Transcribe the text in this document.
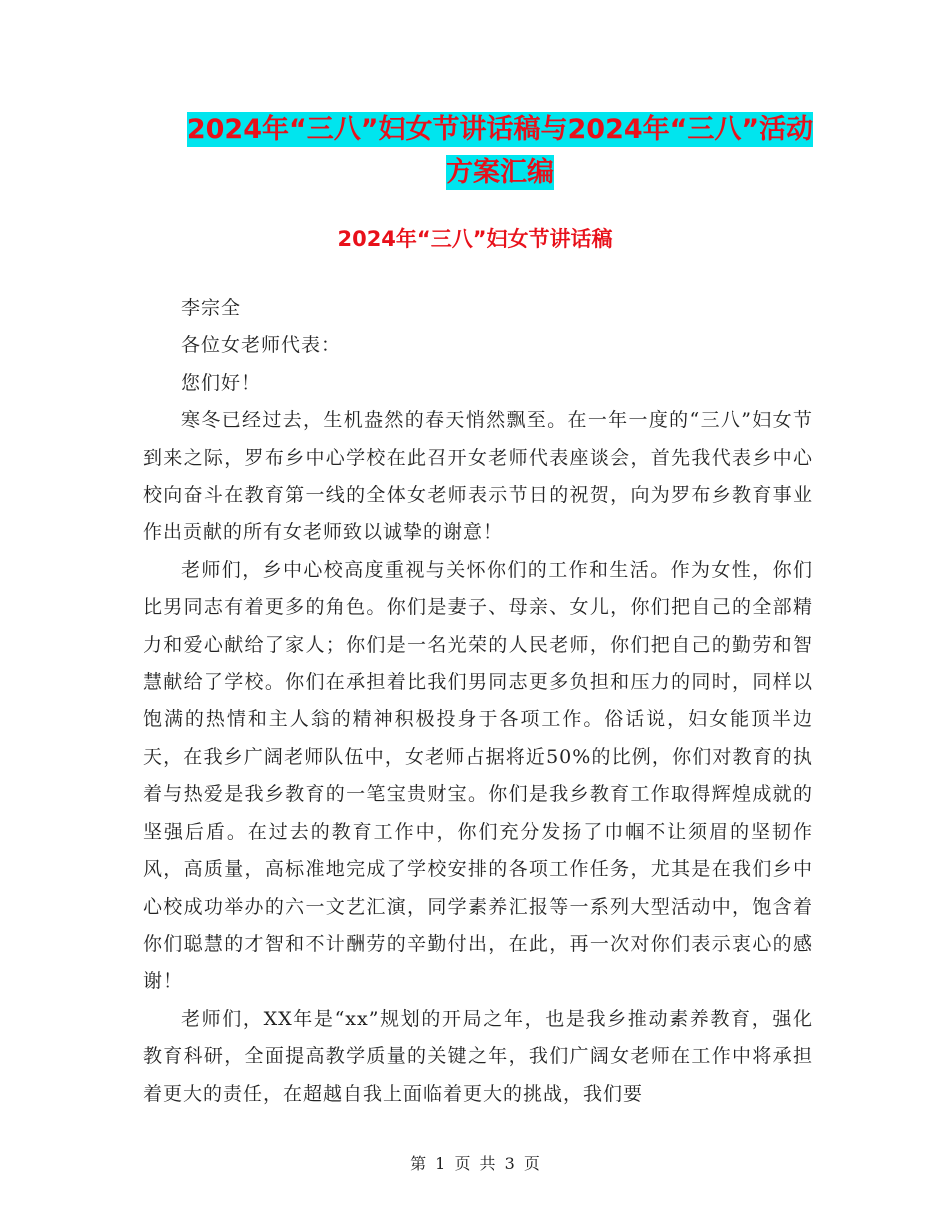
2024年“三八”妇女节讲话稿与2024年“三八”活动
方案汇编
2024年“三八”妇女节讲话稿

李宗全

各位女老师代表：

您们好！

寒冬已经过去，生机盎然的春天悄然飘至。在一年一度的“三八”妇女节到来之际，罗布乡中心学校在此召开女老师代表座谈会，首先我代表乡中心校向奋斗在教育第一线的全体女老师表示节日的祝贺，向为罗布乡教育事业作出贡献的所有女老师致以诚挚的谢意！

老师们，乡中心校高度重视与关怀你们的工作和生活。作为女性，你们比男同志有着更多的角色。你们是妻子、母亲、女儿，你们把自己的全部精力和爱心献给了家人；你们是一名光荣的人民老师，你们把自己的勤劳和智慧献给了学校。你们在承担着比我们男同志更多负担和压力的同时，同样以饱满的热情和主人翁的精神积极投身于各项工作。俗话说，妇女能顶半边天，在我乡广阔老师队伍中，女老师占据将近50%的比例，你们对教育的执着与热爱是我乡教育的一笔宝贵财宝。你们是我乡教育工作取得辉煌成就的坚强后盾。在过去的教育工作中，你们充分发扬了巾帼不让须眉的坚韧作风，高质量，高标准地完成了学校安排的各项工作任务，尤其是在我们乡中心校成功举办的六一文艺汇演，同学素养汇报等一系列大型活动中，饱含着你们聪慧的才智和不计酬劳的辛勤付出，在此，再一次对你们表示衷心的感谢！

老师们，XX年是“xx”规划的开局之年，也是我乡推动素养教育，强化教育科研，全面提高教学质量的关键之年，我们广阔女老师在工作中将承担着更大的责任，在超越自我上面临着更大的挑战，我们要

第 1 页 共 3 页
